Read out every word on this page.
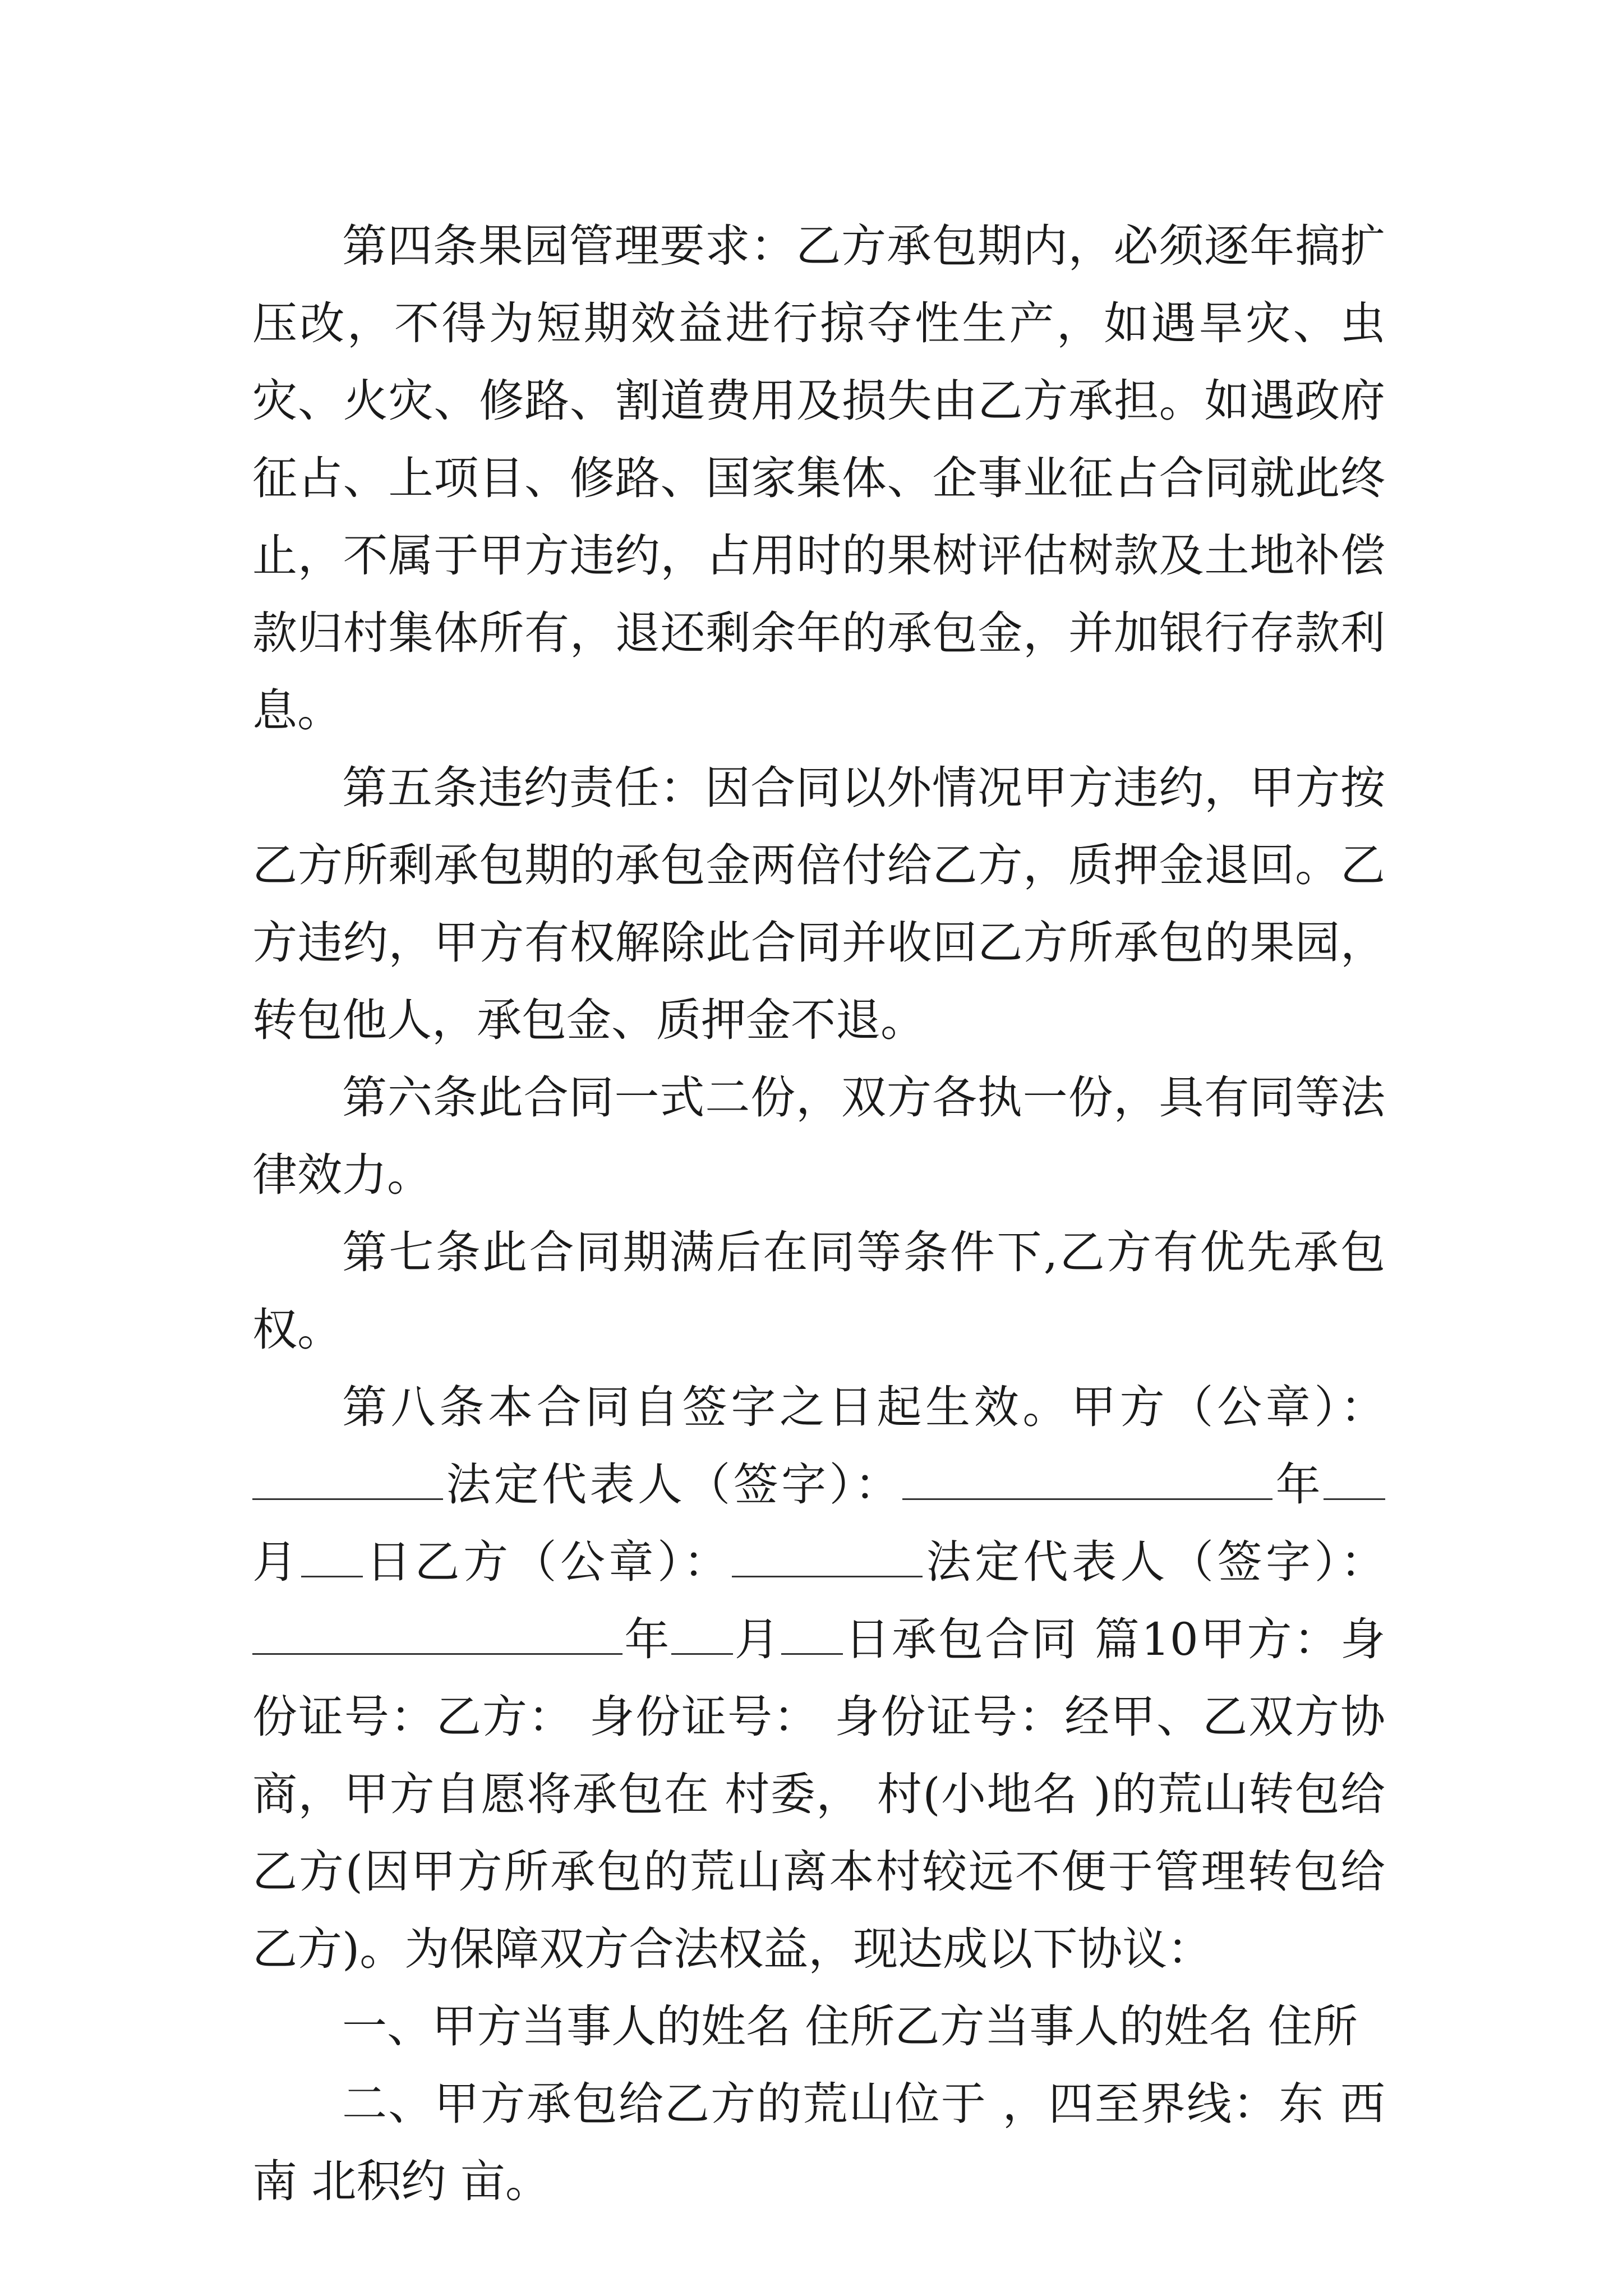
第四条果园管理要求：乙方承包期内，必须逐年搞扩压改，不得为短期效益进行掠夺性生产，如遇旱灾、虫灾、火灾、修路、割道费用及损失由乙方承担。如遇政府征占、上项目、修路、国家集体、企事业征占合同就此终止，不属于甲方违约，占用时的果树评估树款及土地补偿款归村集体所有，退还剩余年的承包金，并加银行存款利息。

第五条违约责任：因合同以外情况甲方违约，甲方按乙方所剩承包期的承包金两倍付给乙方，质押金退回。乙方违约，甲方有权解除此合同并收回乙方所承包的果园，转包他人，承包金、质押金不退。

第六条此合同一式二份，双方各执一份，具有同等法律效力。

第七条此合同期满后在同等条件下,乙方有优先承包权。

第八条本合同自签字之日起生效。甲方（公章）：法定代表人（签字）：	年月 日乙方（公章）：	法定代表人（签字）：年 月 日承包合同 篇10甲方：身份证号：乙方： 身份证号： 身份证号：经甲、乙双方协商，甲方自愿将承包在 村委， 村(小地名 )的荒山转包给乙方(因甲方所承包的荒山离本村较远不便于管理转包给乙方)。为保障双方合法权益，现达成以下协议：

一、甲方当事人的姓名 住所乙方当事人的姓名 住所

二、甲方承包给乙方的荒山位于 ，四至界线：东 西 南 北积约 亩。
